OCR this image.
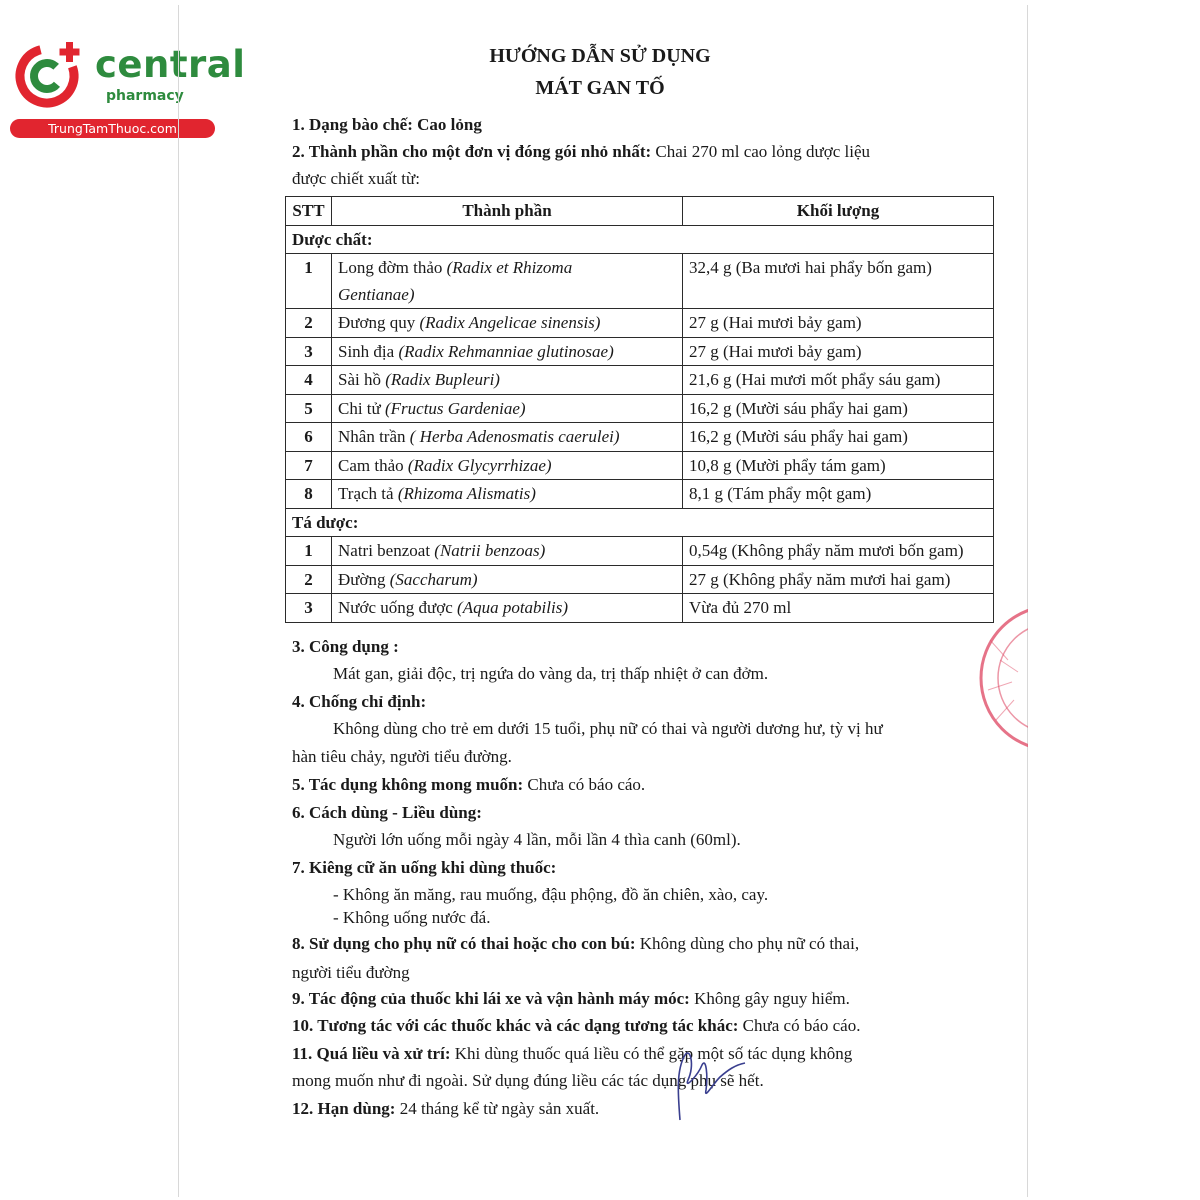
central
pharmacy
TrungTamThuoc.com
HƯỚNG DẪN SỬ DỤNG
MÁT GAN TỐ
1. Dạng bào chế: Cao lỏng
2. Thành phần cho một đơn vị đóng gói nhỏ nhất: Chai 270 ml cao lỏng dược liệu
được chiết xuất từ:
STT	Thành phần	Khối lượng
Dược chất:		
1	Long đờm thảo (Radix et Rhizoma
Gentianae)	32,4 g (Ba mươi hai phẩy bốn gam)
2	Đương quy (Radix Angelicae sinensis)	27 g (Hai mươi bảy gam)
3	Sinh địa (Radix Rehmanniae glutinosae)	27 g (Hai mươi bảy gam)
4	Sài hồ (Radix Bupleuri)	21,6 g (Hai mươi mốt phẩy sáu gam)
5	Chi tử (Fructus Gardeniae)	16,2 g (Mười sáu phẩy hai gam)
6	Nhân trần ( Herba Adenosmatis caerulei)	16,2 g (Mười sáu phẩy hai gam)
7	Cam thảo (Radix Glycyrrhizae)	10,8 g (Mười phẩy tám gam)
8	Trạch tả (Rhizoma Alismatis)	8,1 g (Tám phẩy một gam)
Tá dược:		
1	Natri benzoat (Natrii benzoas)	0,54g (Không phẩy năm mươi bốn gam)
2	Đường (Saccharum)	27 g (Không phẩy năm mươi hai gam)
3	Nước uống được (Aqua potabilis)	Vừa đủ 270 ml
3. Công dụng :
Mát gan, giải độc, trị ngứa do vàng da, trị thấp nhiệt ở can đởm.
4. Chống chỉ định:
Không dùng cho trẻ em dưới 15 tuổi, phụ nữ có thai và người dương hư, tỳ vị hư
hàn tiêu chảy, người tiểu đường.
5. Tác dụng không mong muốn: Chưa có báo cáo.
6. Cách dùng - Liều dùng:
Người lớn uống mỗi ngày 4 lần, mỗi lần 4 thìa canh (60ml).
7. Kiêng cữ ăn uống khi dùng thuốc:
- Không ăn măng, rau muống, đậu phộng, đồ ăn chiên, xào, cay.
- Không uống nước đá.
8. Sử dụng cho phụ nữ có thai hoặc cho con bú: Không dùng cho phụ nữ có thai,
người tiểu đường
9. Tác động của thuốc khi lái xe và vận hành máy móc: Không gây nguy hiểm.
10. Tương tác với các thuốc khác và các dạng tương tác khác: Chưa có báo cáo.
11. Quá liều và xử trí: Khi dùng thuốc quá liều có thể gặp một số tác dụng không
mong muốn như đi ngoài. Sử dụng đúng liều các tác dụng phụ sẽ hết.
12. Hạn dùng: 24 tháng kể từ ngày sản xuất.
